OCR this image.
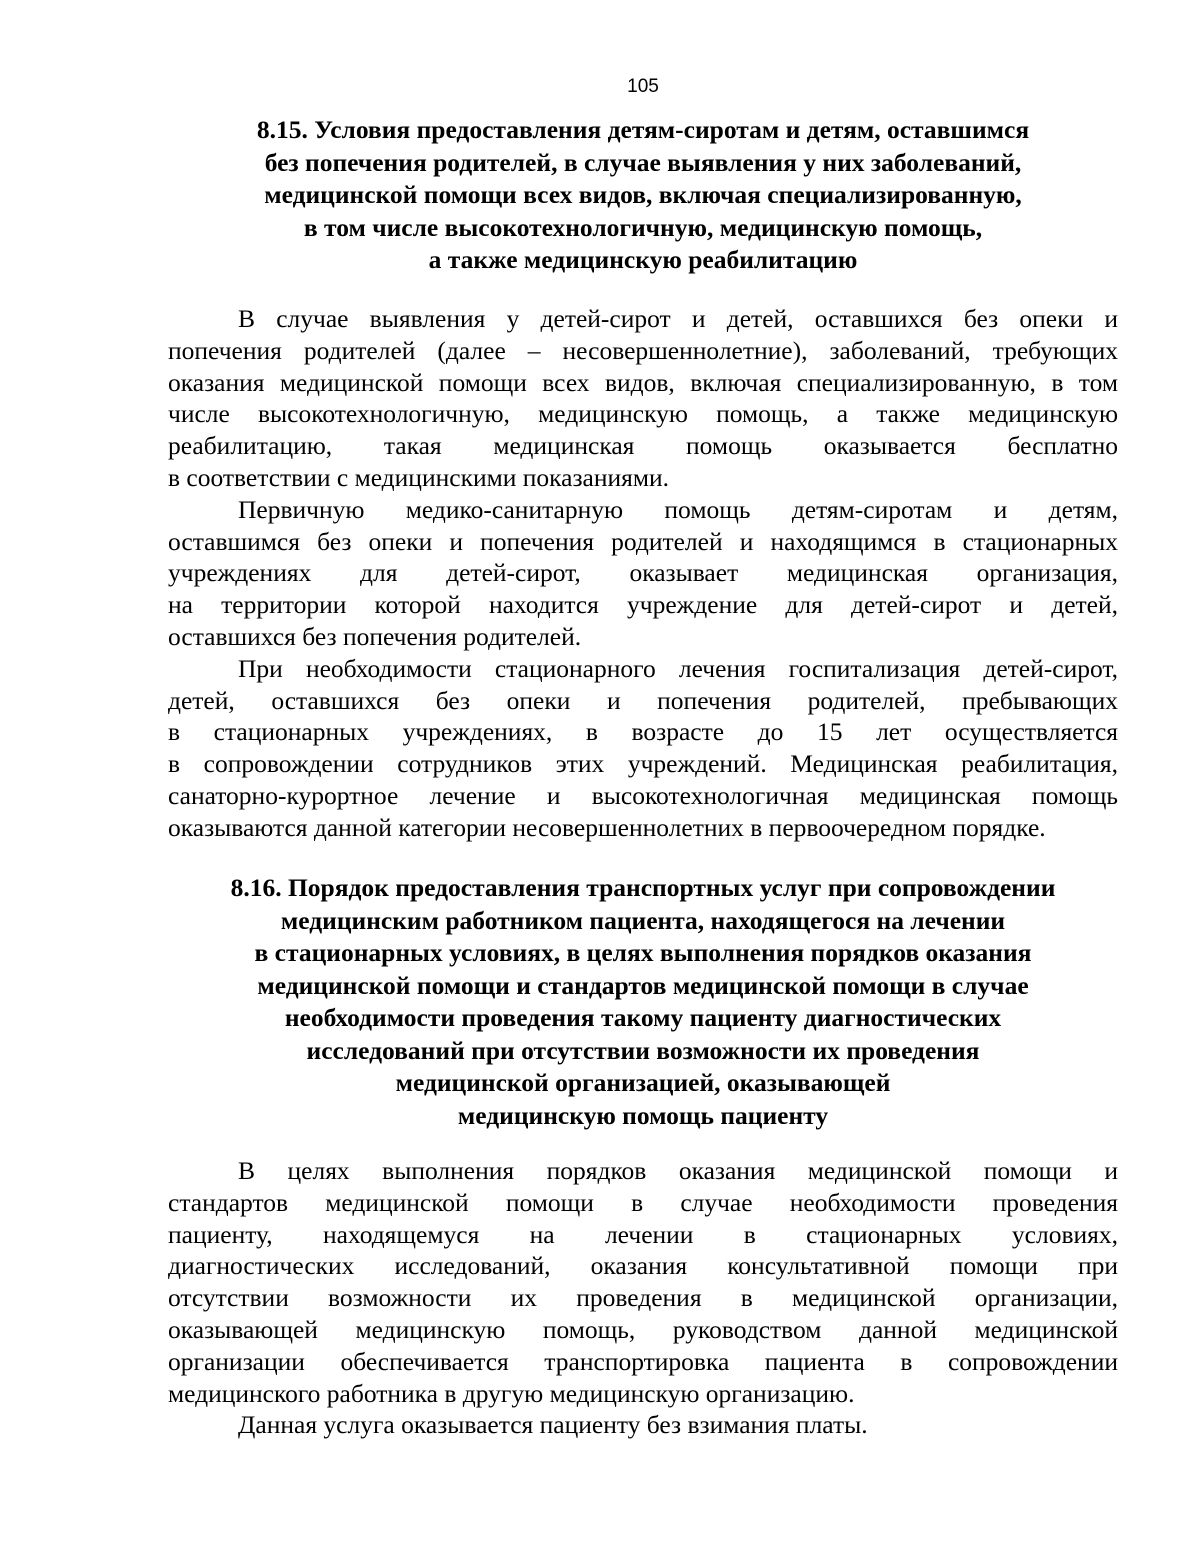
105
8.15. Условия предоставления детям-сиротам и детям, оставшимся
без попечения родителей, в случае выявления у них заболеваний,
медицинской помощи всех видов, включая специализированную,
в том числе высокотехнологичную, медицинскую помощь,
а также медицинскую реабилитацию

В случае выявления у детей-сирот и детей, оставшихся без опеки и
попечения родителей (далее – несовершеннолетние), заболеваний, требующих
оказания медицинской помощи всех видов, включая специализированную, в том
числе высокотехнологичную, медицинскую помощь, а также медицинскую
реабилитацию, такая медицинская помощь оказывается бесплатно
в соответствии с медицинскими показаниями.

Первичную медико-санитарную помощь детям-сиротам и детям,
оставшимся без опеки и попечения родителей и находящимся в стационарных
учреждениях для детей-сирот, оказывает медицинская организация,
на территории которой находится учреждение для детей-сирот и детей,
оставшихся без попечения родителей.

При необходимости стационарного лечения госпитализация детей-сирот,
детей, оставшихся без опеки и попечения родителей, пребывающих
в стационарных учреждениях, в возрасте до 15 лет осуществляется
в сопровождении сотрудников этих учреждений. Медицинская реабилитация,
санаторно-курортное лечение и высокотехнологичная медицинская помощь
оказываются данной категории несовершеннолетних в первоочередном порядке.

8.16. Порядок предоставления транспортных услуг при сопровождении
медицинским работником пациента, находящегося на лечении
в стационарных условиях, в целях выполнения порядков оказания
медицинской помощи и стандартов медицинской помощи в случае
необходимости проведения такому пациенту диагностических
исследований при отсутствии возможности их проведения
медицинской организацией, оказывающей
медицинскую помощь пациенту

В целях выполнения порядков оказания медицинской помощи и
стандартов медицинской помощи в случае необходимости проведения
пациенту, находящемуся на лечении в стационарных условиях,
диагностических исследований, оказания консультативной помощи при
отсутствии возможности их проведения в медицинской организации,
оказывающей медицинскую помощь, руководством данной медицинской
организации обеспечивается транспортировка пациента в сопровождении
медицинского работника в другую медицинскую организацию.

Данная услуга оказывается пациенту без взимания платы.
